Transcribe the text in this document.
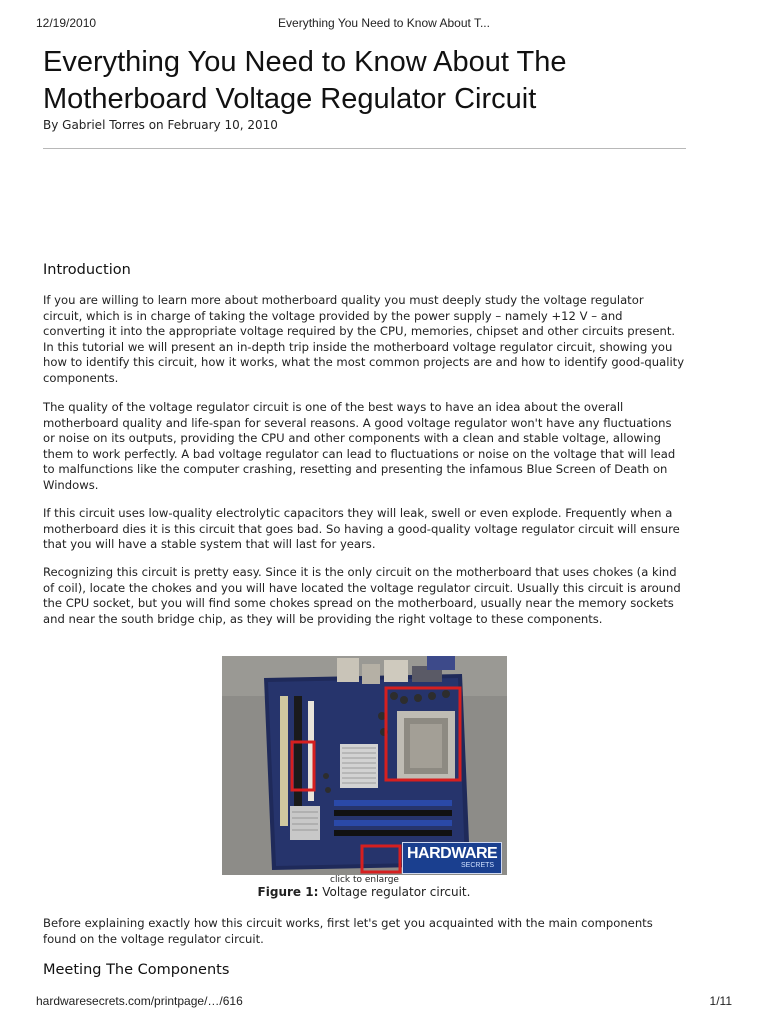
12/19/2010	Everything You Need to Know About T...
Everything You Need to Know About The Motherboard Voltage Regulator Circuit
By Gabriel Torres on February 10, 2010
Introduction

If you are willing to learn more about motherboard quality you must deeply study the voltage regulator circuit, which is in charge of taking the voltage provided by the power supply – namely +12 V – and converting it into the appropriate voltage required by the CPU, memories, chipset and other circuits present. In this tutorial we will present an in-depth trip inside the motherboard voltage regulator circuit, showing you how to identify this circuit, how it works, what the most common projects are and how to identify good-quality components.

The quality of the voltage regulator circuit is one of the best ways to have an idea about the overall motherboard quality and life-span for several reasons. A good voltage regulator won't have any fluctuations or noise on its outputs, providing the CPU and other components with a clean and stable voltage, allowing them to work perfectly. A bad voltage regulator can lead to fluctuations or noise on the voltage that will lead to malfunctions like the computer crashing, resetting and presenting the infamous Blue Screen of Death on Windows.

If this circuit uses low-quality electrolytic capacitors they will leak, swell or even explode. Frequently when a motherboard dies it is this circuit that goes bad. So having a good-quality voltage regulator circuit will ensure that you will have a stable system that will last for years.

Recognizing this circuit is pretty easy. Since it is the only circuit on the motherboard that uses chokes (a kind of coil), locate the chokes and you will have located the voltage regulator circuit. Usually this circuit is around the CPU socket, but you will find some chokes spread on the motherboard, usually near the memory sockets and near the south bridge chip, as they will be providing the right voltage to these components.

HARDWARE
SECRETS
click to enlarge
Figure 1: Voltage regulator circuit.

Before explaining exactly how this circuit works, first let's get you acquainted with the main components found on the voltage regulator circuit.

Meeting The Components
hardwaresecrets.com/printpage/…/616	1/11
